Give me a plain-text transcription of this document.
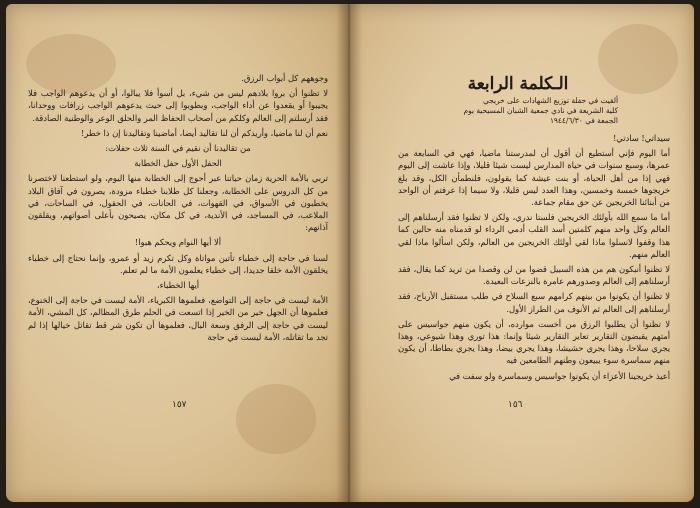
وجوههم كل أبواب الرزق.

لا تظنوا أن بروا بلادهم ليس من شيء، بل أسوأ فلا يبالوا، أو أن يدعوهم الواجب فلا يجيبوا أو يقعدوا عن أداء الواجب، وبطوبوا إلى حيث يدعوهم الواجب زرافات ووحدانا، فقد أرسلتم إلى العالم وكلكم من أصحاب الحفاظ المر والحلق الوعر والوطنية الصادقة.

نعم أن لنا ماضيا، وأريدكم أن لنا تقاليد أيضا، أماضينا وتقاليدنا إن ذا خطر!

من تقاليدنا أن نقيم في السنة ثلاث حفلات:

الحفل الأول حفل الخطابة

تربي بالأمة الحرية زمان حياتنا عبر أحوج إلى الخطابة منها اليوم، ولو استطعنا لاختصرنا من كل الدروس على الخطابة، وجعلنا كل طلابنا خطباء مزودة، يصرون في آفاق البلاد يخطبون في الأسواق، في القهوات، في الحانات، في الحقول، في الساحات، في الملاعب، في المساجد، في الأندية، في كل مكان، يصيحون بأعلى أصواتهم، ويقلقون آذانهم:

ألا أيها النوام ويحكم هبوا!

لسنا في حاجة إلى خطباء تأتين مواتاة وكل تكرم زيد أو عمرو، وإنما نحتاج إلى خطباء يخلقون الأمة خلقا جديدا، إلى خطباء يعلمون الأمة ما لم تعلم.

أيها الخطباء،

الأمة ليست في حاجة إلى التواضع، فعلموها الكبرياء، الأمة ليست في حاجة إلى الخنوع، فعلموها أن الجهل خير من الخير إذا اتسعت في الحلم طرق المظالم، كل المشي، الأمة ليست في حاجة إلى الرفق وسعة البال، فعلموها أن تكون شر قط تقاتل خيالها إذا لم تجد ما تقاتله، الأمة ليست في حاجة

١٥٧
الـكلمة الرابعة
ألقيت في حفلة توزيع الشهادات على خريجي
كلية الشريعة في نادي جمعية الشبان المسيحية يوم
الجمعة في ١٩٤٤/٦/٣٠

سيداتي! سادتي!

أما اليوم فإني أستطيع أن أقول أن لمدرستنا ماضيا، فهي في السابعة من عمرها، وسبع سنوات في حياة المدارس ليست شيئا قليلا، وإذا عاشت إلى اليوم فهي إذا من أهل الحياة، أو بنت عيشة كما يقولون، فلنطمأن الكل، وقد بلغ خريجوها خمسة وخمسين، وهذا العدد ليس قليلا، ولا سيما إذا عرفتم أن الواحد من أبنائنا الخريجين عن حق مقام جماعة.

أما ما سمع الله بأولئك الخريجين فلستا ندري، ولكن لا تظنوا فقد أرسلناهم إلى العالم وكل واحد منهم كلمتين أسد القلب أدمي الرداء لو قدمناه منه حالين كما هذا وقفوا لانسلوا ماذا لقي أولئك الخريجين من العالم، ولكن اسألوا ماذا لقي العالم منهم.

لا تظنوا أنبكون هم من هذه السبيل قضوا من لن وقصدا من تريد كما يقال، فقد أرسلناهم إلى العالم وصدورهم عامرة بالنزعات البعيدة.

لا تظنوا أن يكونوا من بينهم كرامهم سبع السلاح في طلب مستقبل الأرباح، فقد أرسلناهم إلى العالم ثم الأنوف من الطراز الأول.

لا تظنوا أن يطلبوا الرزق من أخست موارده، أن يكون منهم جواسيس على أمتهم يقبضون التقارير تعاير التقارير شيئا وإنما: هذا توري وهذا شيوعي، وهذا يجري سلاحا، وهذا يجري حشيشا، وهذا يجري بيضا، وهذا يجري بطاطا، أن يكون منهم سماسرة سوء يبيعون وطنهم الطامعين فيه

أعيذ خريجينا الأعزاء أن يكونوا جواسيس وسماسرة ولو سفت في

١٥٦
